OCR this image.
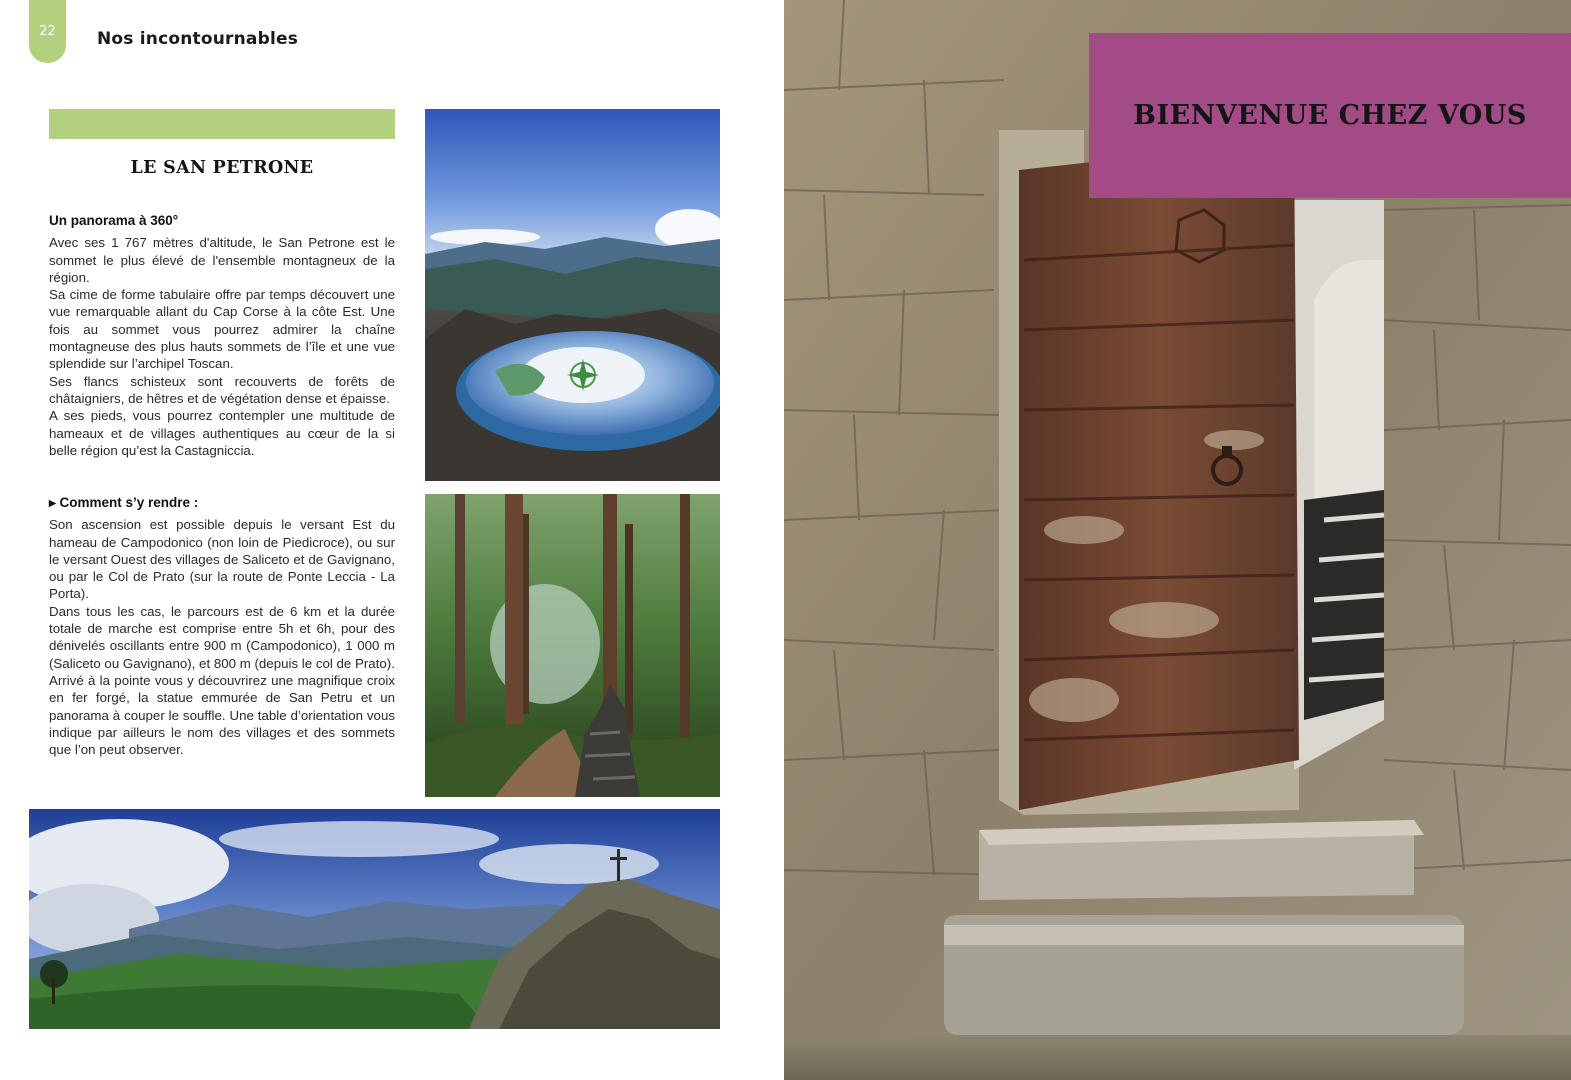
22 Nos incontournables
LE SAN PETRONE
Un panorama à 360°

Avec ses 1 767 mètres d'altitude, le San Petrone est le sommet le plus élevé de l'ensemble montagneux de la région.

Sa cime de forme tabulaire offre par temps découvert une vue remarquable allant du Cap Corse à la côte Est. Une fois au sommet vous pourrez admirer la chaîne montagneuse des plus hauts sommets de l’île et une vue splendide sur l’archipel Toscan.

Ses flancs schisteux sont recouverts de forêts de châtaigniers, de hêtres et de végétation dense et épaisse.

A ses pieds, vous pourrez contempler une multitude de hameaux et de villages authentiques au cœur de la si belle région qu’est la Castagniccia.

▸ Comment s’y rendre :

Son ascension est possible depuis le versant Est du hameau de Campodonico (non loin de Piedicroce), ou sur le versant Ouest des villages de Saliceto et de Gavignano, ou par le Col de Prato (sur la route de Ponte Leccia - La Porta).

Dans tous les cas, le parcours est de 6 km et la durée totale de marche est comprise entre 5h et 6h, pour des dénivelés oscillants entre 900 m (Campodonico), 1 000 m (Saliceto ou Gavignano), et 800 m (depuis le col de Prato).

Arrivé à la pointe vous y découvrirez une magnifique croix en fer forgé, la statue emmurée de San Petru et un panorama à couper le souffle. Une table d’orientation vous indique par ailleurs le nom des villages et des sommets que l’on peut observer.

BIENVENUE CHEZ VOUS
